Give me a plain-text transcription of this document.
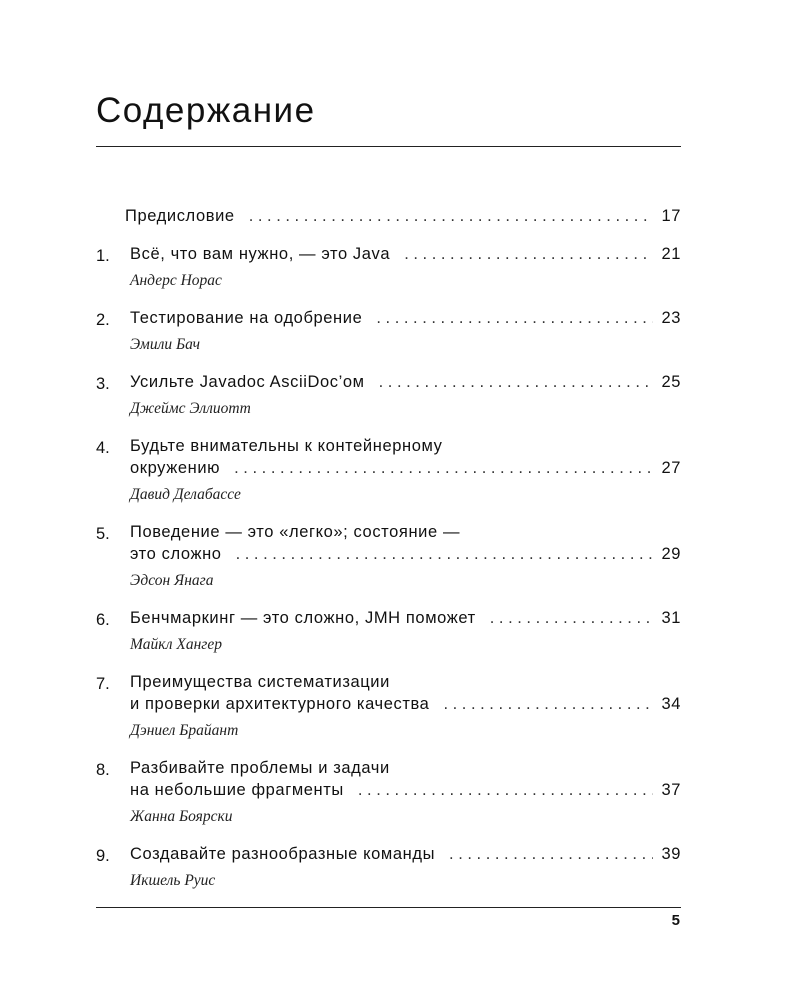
Содержание
Предисловие . . .	17
1. Всё, что вам нужно, — это Java . . .	21
Андерс Норас
2. Тестирование на одобрение . . .	23
Эмили Бач
3. Усильте Javadoc AsciiDoc’ом . . .	25
Джеймс Эллиотт
4. Будьте внимательны к контейнерному
окружению . . .	27
Давид Делабассе
5. Поведение — это «легко»; состояние —
это сложно . . .	29
Эдсон Янага
6. Бенчмаркинг — это сложно, JMH поможет . . .	31
Майкл Хангер
7. Преимущества систематизации
и проверки архитектурного качества . . .	34
Дэниел Брайант
8. Разбивайте проблемы и задачи
на небольшие фрагменты . . .	37
Жанна Боярски
9. Создавайте разнообразные команды . . .	39
Икшель Руис
5
